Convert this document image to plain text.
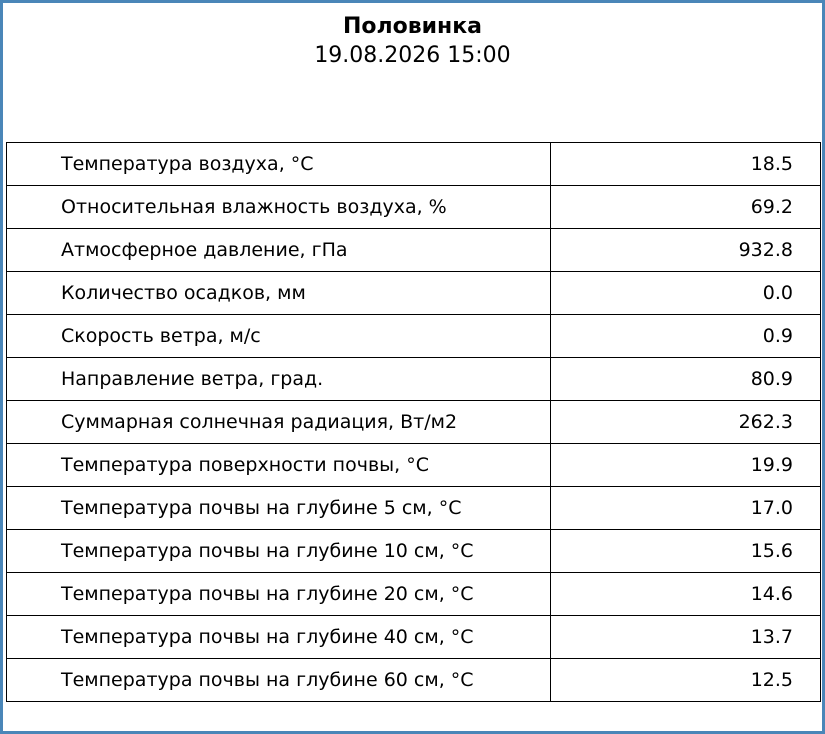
Половинка
19.08.2026 15:00
Температура воздуха, °C	18.5
Относительная влажность воздуха, %	69.2
Атмосферное давление, гПа	932.8
Количество осадков, мм	0.0
Скорость ветра, м/с	0.9
Направление ветра, град.	80.9
Суммарная солнечная радиация, Вт/м2	262.3
Температура поверхности почвы, °C	19.9
Температура почвы на глубине 5 см, °C	17.0
Температура почвы на глубине 10 см, °C	15.6
Температура почвы на глубине 20 см, °C	14.6
Температура почвы на глубине 40 см, °C	13.7
Температура почвы на глубине 60 см, °C	12.5
